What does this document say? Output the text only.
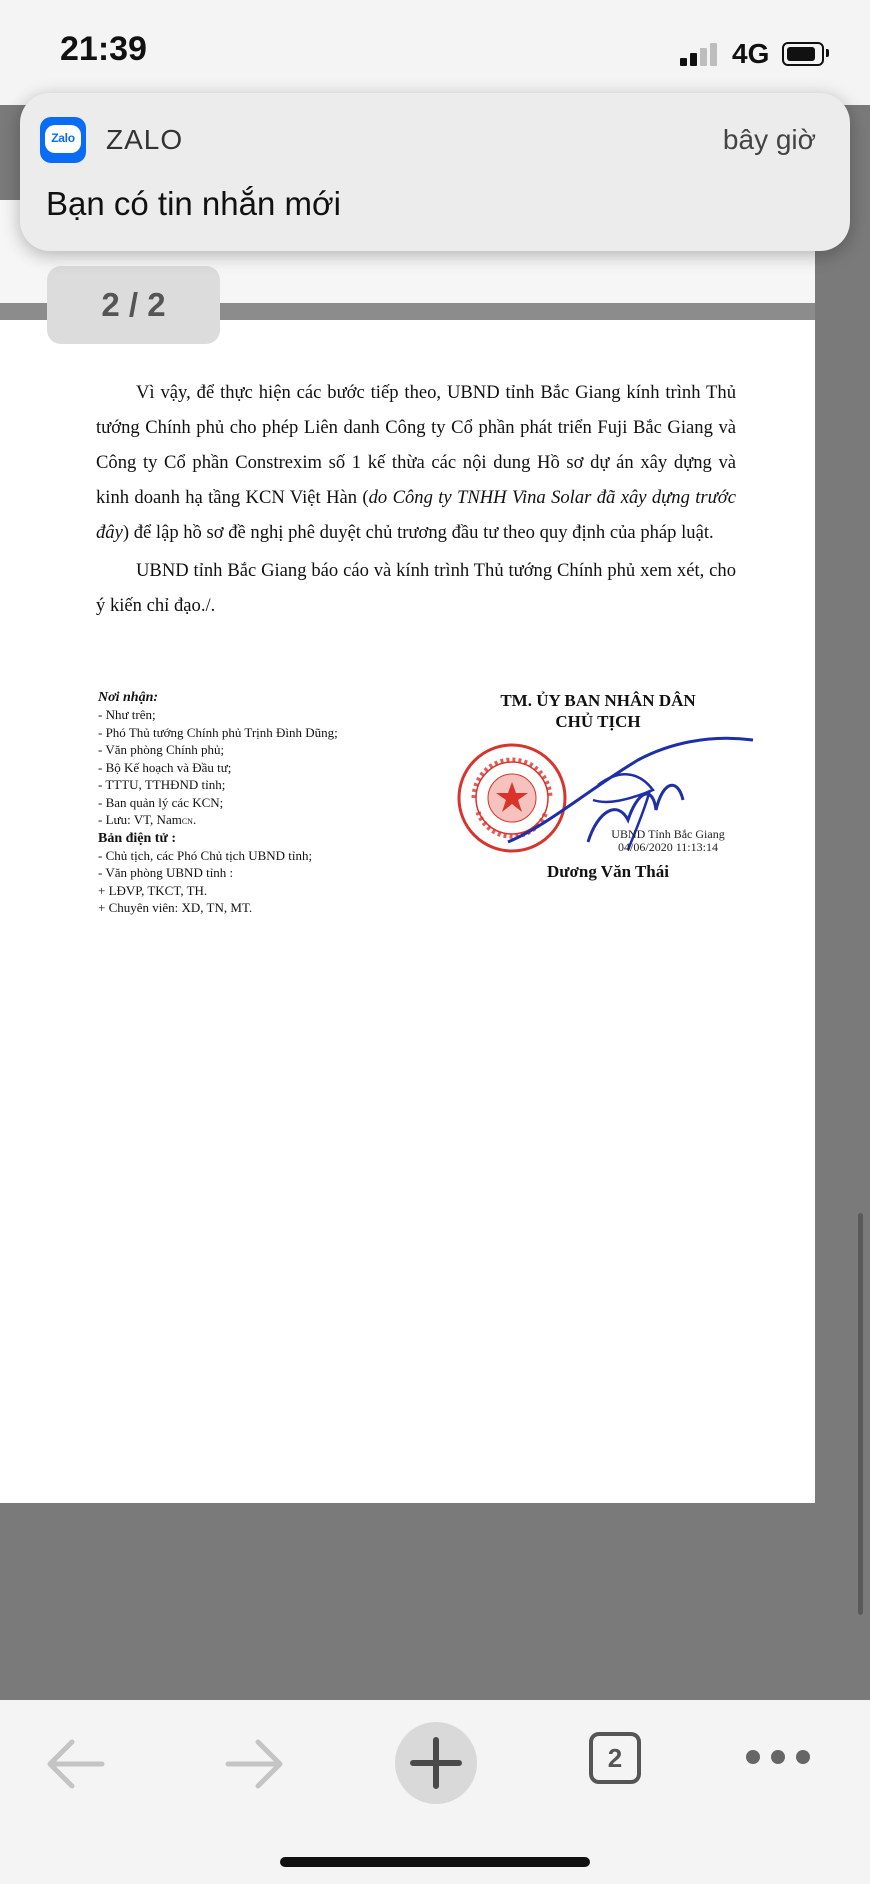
21:39	4G

Vì vậy, để thực hiện các bước tiếp theo, UBND tỉnh Bắc Giang kính trình Thủ tướng Chính phủ cho phép Liên danh Công ty Cổ phần phát triển Fuji Bắc Giang và Công ty Cổ phần Constrexim số 1 kế thừa các nội dung Hồ sơ dự án xây dựng và kinh doanh hạ tầng KCN Việt Hàn (do Công ty TNHH Vina Solar đã xây dựng trước đây) để lập hồ sơ đề nghị phê duyệt chủ trương đầu tư theo quy định của pháp luật.

UBND tỉnh Bắc Giang báo cáo và kính trình Thủ tướng Chính phủ xem xét, cho ý kiến chỉ đạo./.

Nơi nhận:
- Như trên;
- Phó Thủ tướng Chính phủ Trịnh Đình Dũng;
- Văn phòng Chính phủ;
- Bộ Kế hoạch và Đầu tư;
- TTTU, TTHĐND tỉnh;
- Ban quản lý các KCN;
- Lưu: VT, NamCN.
Bản điện tử :
- Chủ tịch, các Phó Chủ tịch UBND tỉnh;
- Văn phòng UBND tỉnh :
+ LĐVP, TKCT, TH.
+ Chuyên viên: XD, TN, MT.
TM. ỦY BAN NHÂN DÂN
CHỦ TỊCH
UBND Tỉnh Bắc Giang
04/06/2020 11:13:14
Dương Văn Thái
2 / 2
Zalo ZALO	bây giờ
Bạn có tin nhắn mới
2
